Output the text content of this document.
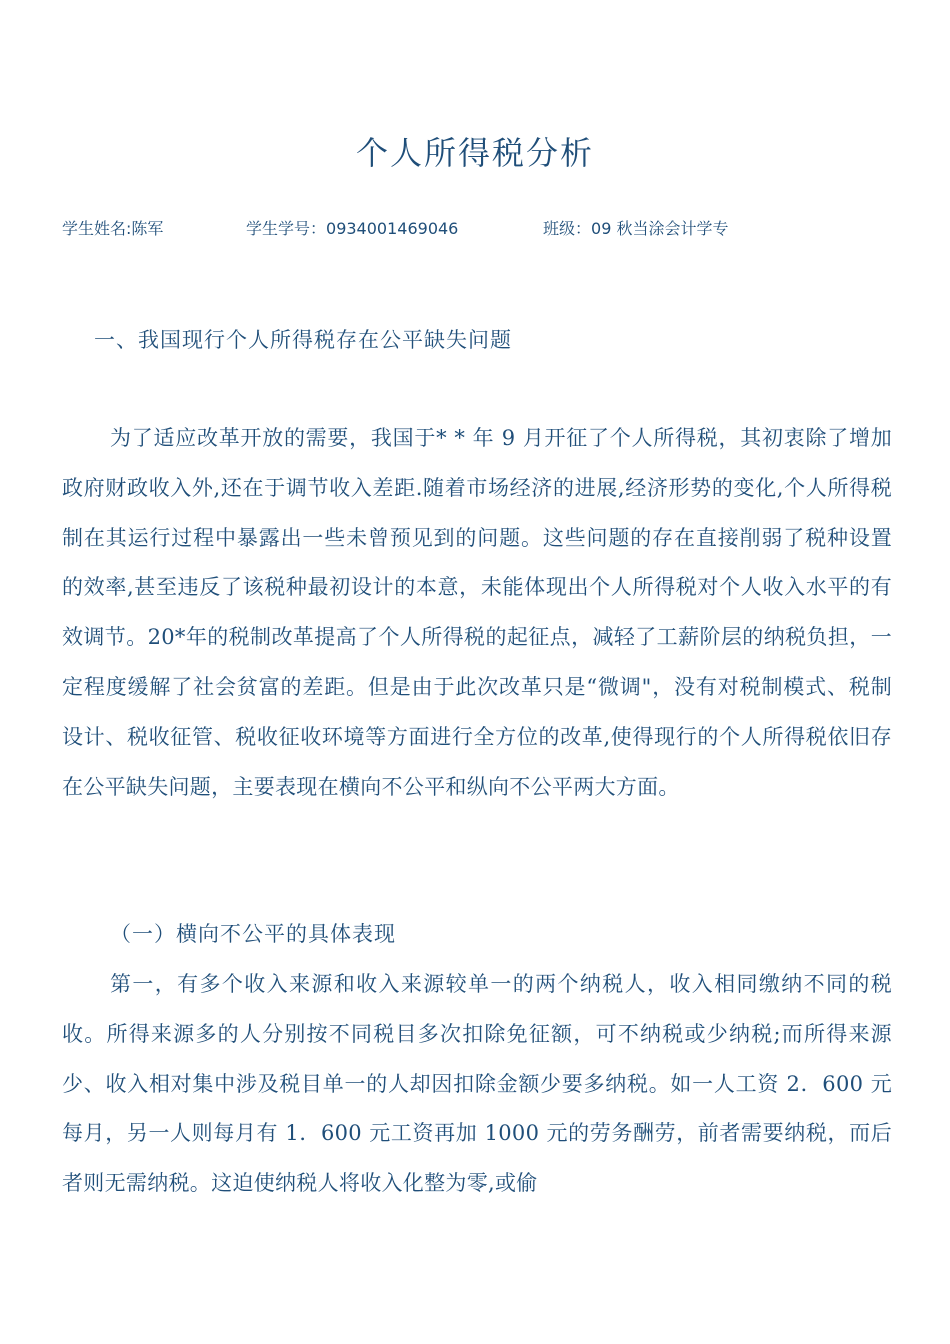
个人所得税分析
学生姓名:陈军	学生学号：0934001469046	班级：09 秋当涂会计学专
一、我国现行个人所得税存在公平缺失问题
为了适应改革开放的需要，我国于* * 年 9 月开征了个人所得税，其初衷除了增加政府财政收入外,还在于调节收入差距.随着市场经济的进展,经济形势的变化,个人所得税制在其运行过程中暴露出一些未曾预见到的问题。这些问题的存在直接削弱了税种设置的效率,甚至违反了该税种最初设计的本意，未能体现出个人所得税对个人收入水平的有效调节。20*年的税制改革提高了个人所得税的起征点，减轻了工薪阶层的纳税负担，一定程度缓解了社会贫富的差距。但是由于此次改革只是“微调"，没有对税制模式、税制设计、税收征管、税收征收环境等方面进行全方位的改革,使得现行的个人所得税依旧存在公平缺失问题，主要表现在横向不公平和纵向不公平两大方面。
（一）横向不公平的具体表现
第一，有多个收入来源和收入来源较单一的两个纳税人，收入相同缴纳不同的税收。所得来源多的人分别按不同税目多次扣除免征额，可不纳税或少纳税;而所得来源少、收入相对集中涉及税目单一的人却因扣除金额少要多纳税。如一人工资 2．600 元每月，另一人则每月有 1．600 元工资再加 1000 元的劳务酬劳，前者需要纳税，而后者则无需纳税。这迫使纳税人将收入化整为零,或偷
